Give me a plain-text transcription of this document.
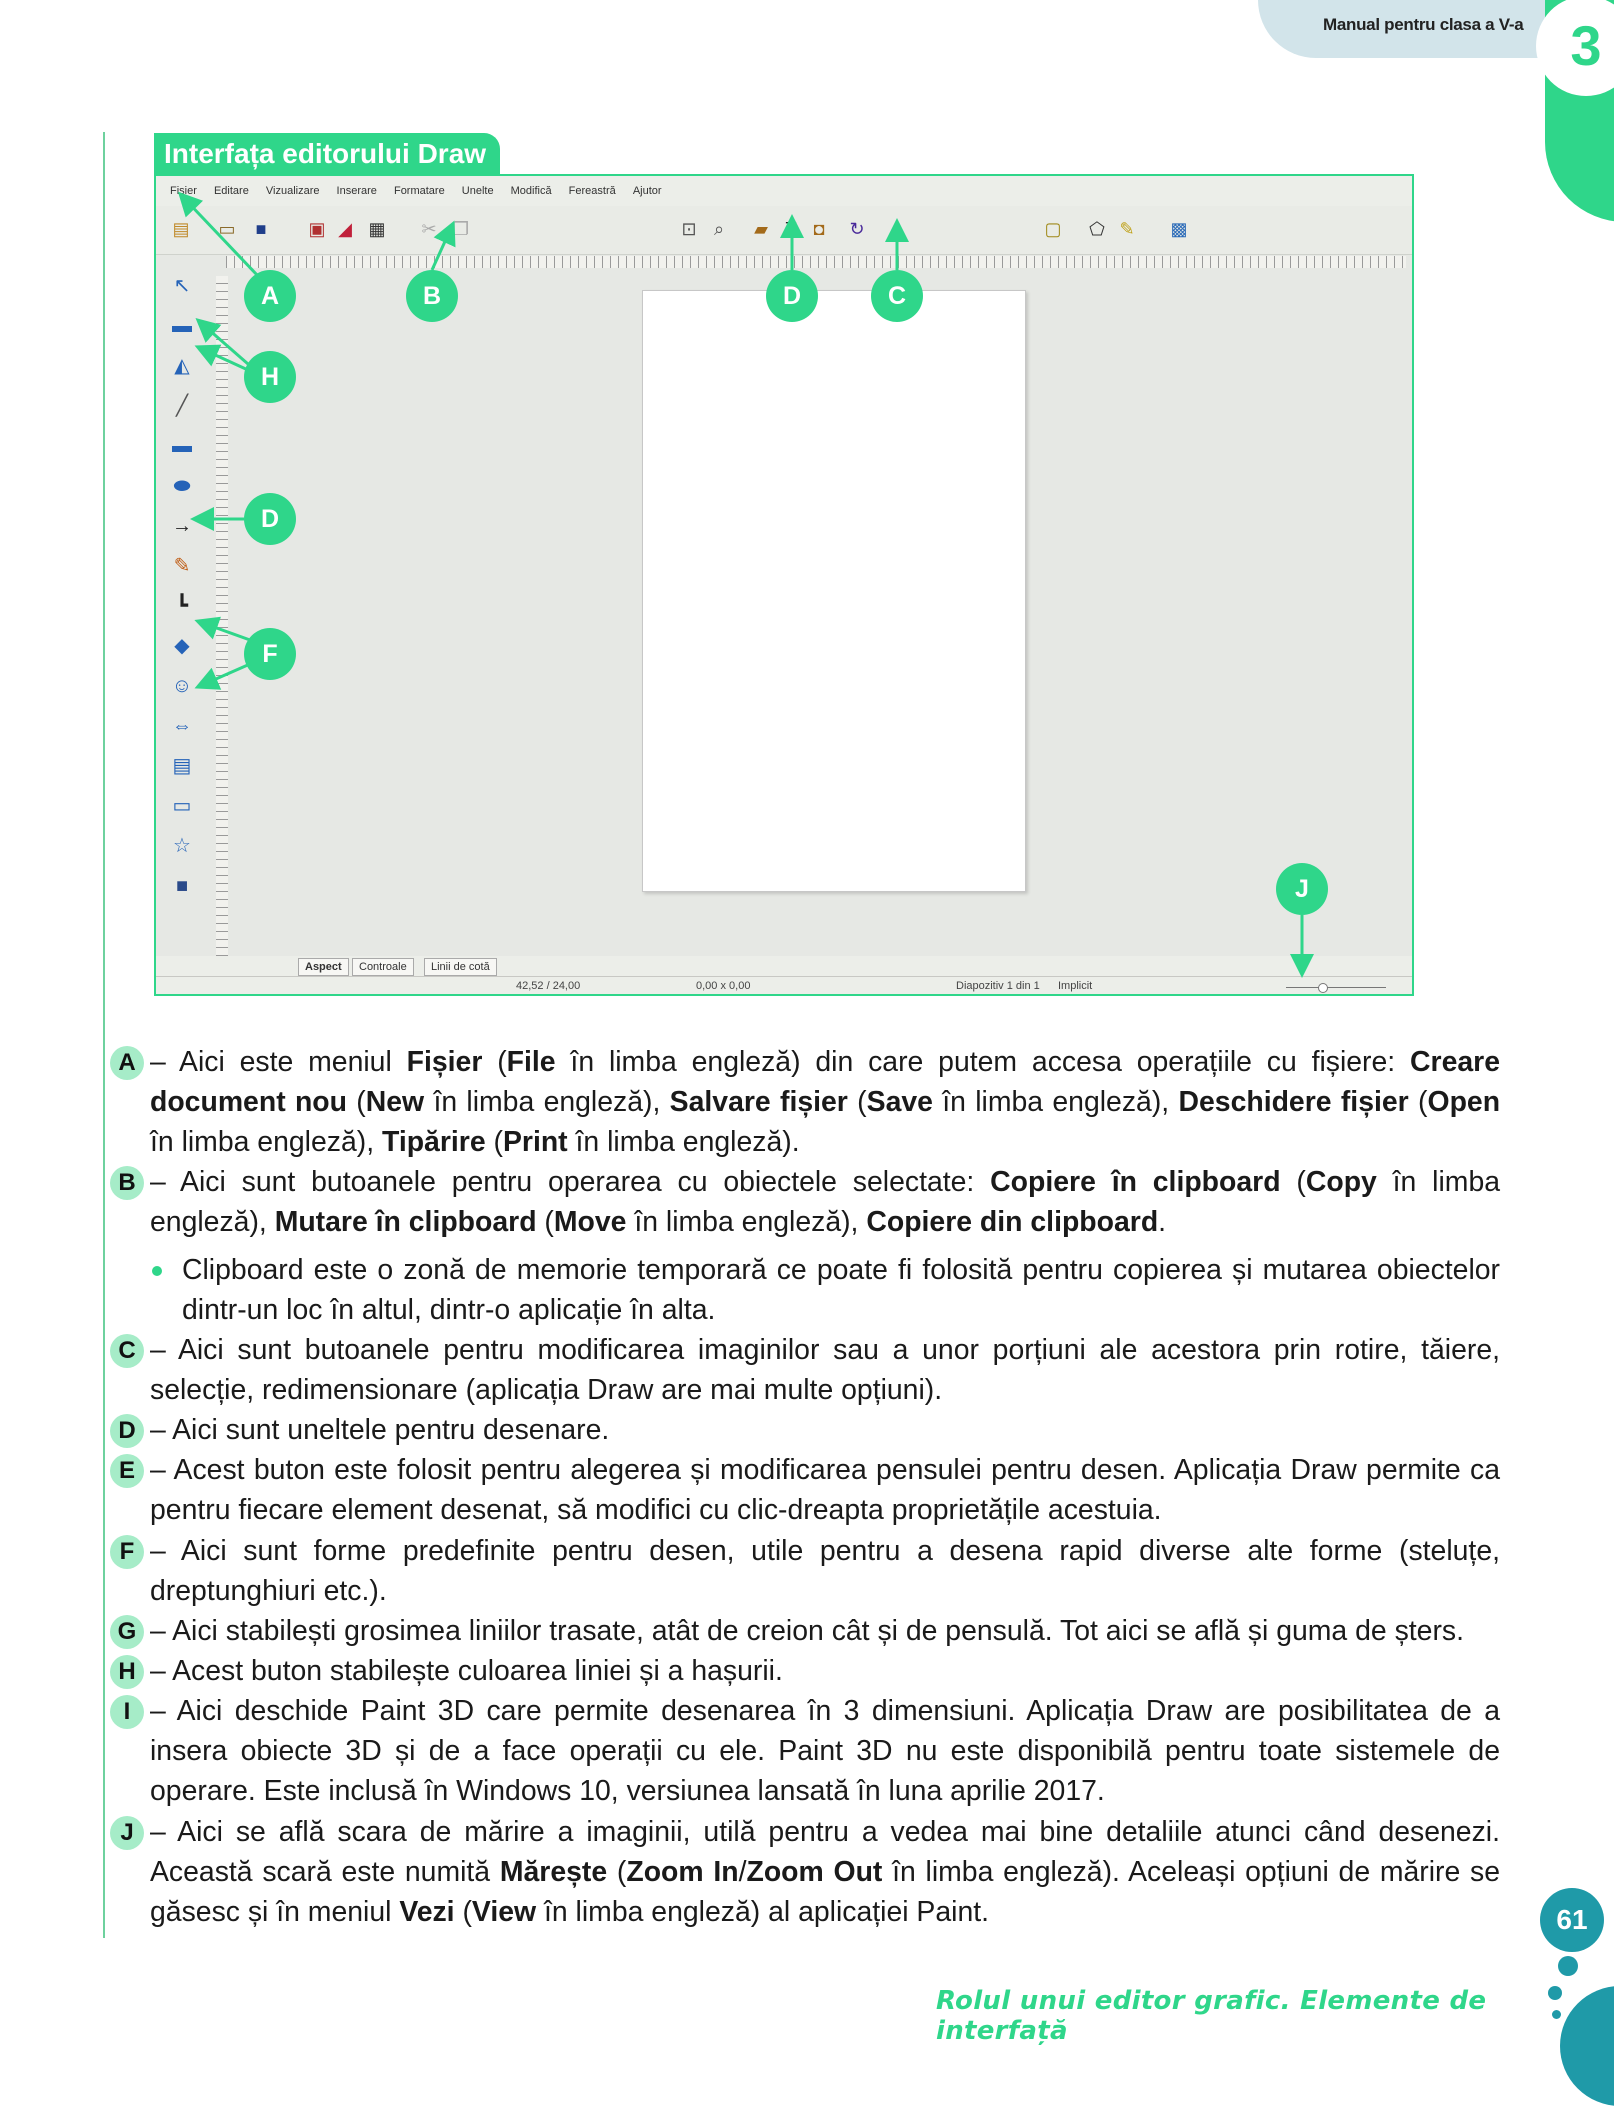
Manual pentru clasa a V-a 3
Interfața editorului Draw
Fișier Editare Vizualizare Inserare Formatare Unelte Modifică Fereastră Ajutor
▤ ▭	■	▣ ◢ ▦ ✂ ❐	⊡ ⌕	▰ T ◘	↻	▢ ⬠ ✎ ▩
↖
▬
◭
╱
▬
⬬
→
✎
┗
◆
☺
⇔
▤
▭
☆
■
Aspect	Controale	Linii de cotă
42,52 / 24,00	0,00 x 0,00	Diapozitiv 1 din 1 Implicit
A	B	D	C
H
D
F
J
A – Aici este meniul Fișier (File în limba engleză) din care putem accesa operațiile cu fișiere: Creare document nou (New în limba engleză), Salvare fișier (Save în limba engleză), Deschidere fișier (Open în limba engleză), Tipărire (Print în limba engleză).
B – Aici sunt butoanele pentru operarea cu obiectele selectate: Copiere în clipboard (Copy în limba engleză), Mutare în clipboard (Move în limba engleză), Copiere din clipboard.
Clipboard este o zonă de memorie temporară ce poate fi folosită pentru copierea și mutarea obiectelor dintr-un loc în altul, dintr-o aplicație în alta.
C – Aici sunt butoanele pentru modificarea imaginilor sau a unor porțiuni ale acestora prin rotire, tăiere, selecție, redimensionare (aplicația Draw are mai multe opțiuni).
D – Aici sunt uneltele pentru desenare.
E – Acest buton este folosit pentru alegerea și modificarea pensulei pentru desen. Aplicația Draw permite ca pentru fiecare element desenat, să modifici cu clic-dreapta proprietățile acestuia.
F – Aici sunt forme predefinite pentru desen, utile pentru a desena rapid diverse alte forme (steluțe, dreptunghiuri etc.).
G – Aici stabilești grosimea liniilor trasate, atât de creion cât și de pensulă. Tot aici se află și guma de șters.
H – Acest buton stabilește culoarea liniei și a hașurii.
I – Aici deschide Paint 3D care permite desenarea în 3 dimensiuni. Aplicația Draw are posibilitatea de a insera obiecte 3D și de a face operații cu ele. Paint 3D nu este disponibilă pentru toate sistemele de operare. Este inclusă în Windows 10, versiunea lansată în luna aprilie 2017.
J – Aici se află scara de mărire a imaginii, utilă pentru a vedea mai bine detaliile atunci când desenezi. Această scară este numită Mărește (Zoom In/Zoom Out în limba engleză). Aceleași opțiuni de mărire se găsesc și în meniul Vezi (View în limba engleză) al aplicației Paint.	61
Rolul unui editor grafic. Elemente de interfață
